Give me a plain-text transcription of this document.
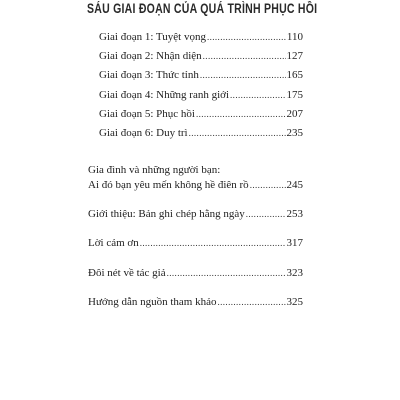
SÁU GIAI ĐOẠN CỦA QUÁ TRÌNH PHỤC HỒI
Giai đoạn 1: Tuyệt vọng .....	110
Giai đoạn 2: Nhận diện .....	127
Giai đoạn 3: Thức tỉnh .....	165
Giai đoạn 4: Những ranh giới .....	175
Giai đoạn 5: Phục hồi .....	207
Giai đoạn 6: Duy trì .....	235
Gia đình và những người bạn:
Ai đó bạn yêu mến không hề điên rồ .....	245
Giới thiệu: Bản ghi chép hằng ngày .....	253
Lời cảm ơn .....	317
Đôi nét về tác giả .....	323
Hướng dẫn nguồn tham khảo .....	325
